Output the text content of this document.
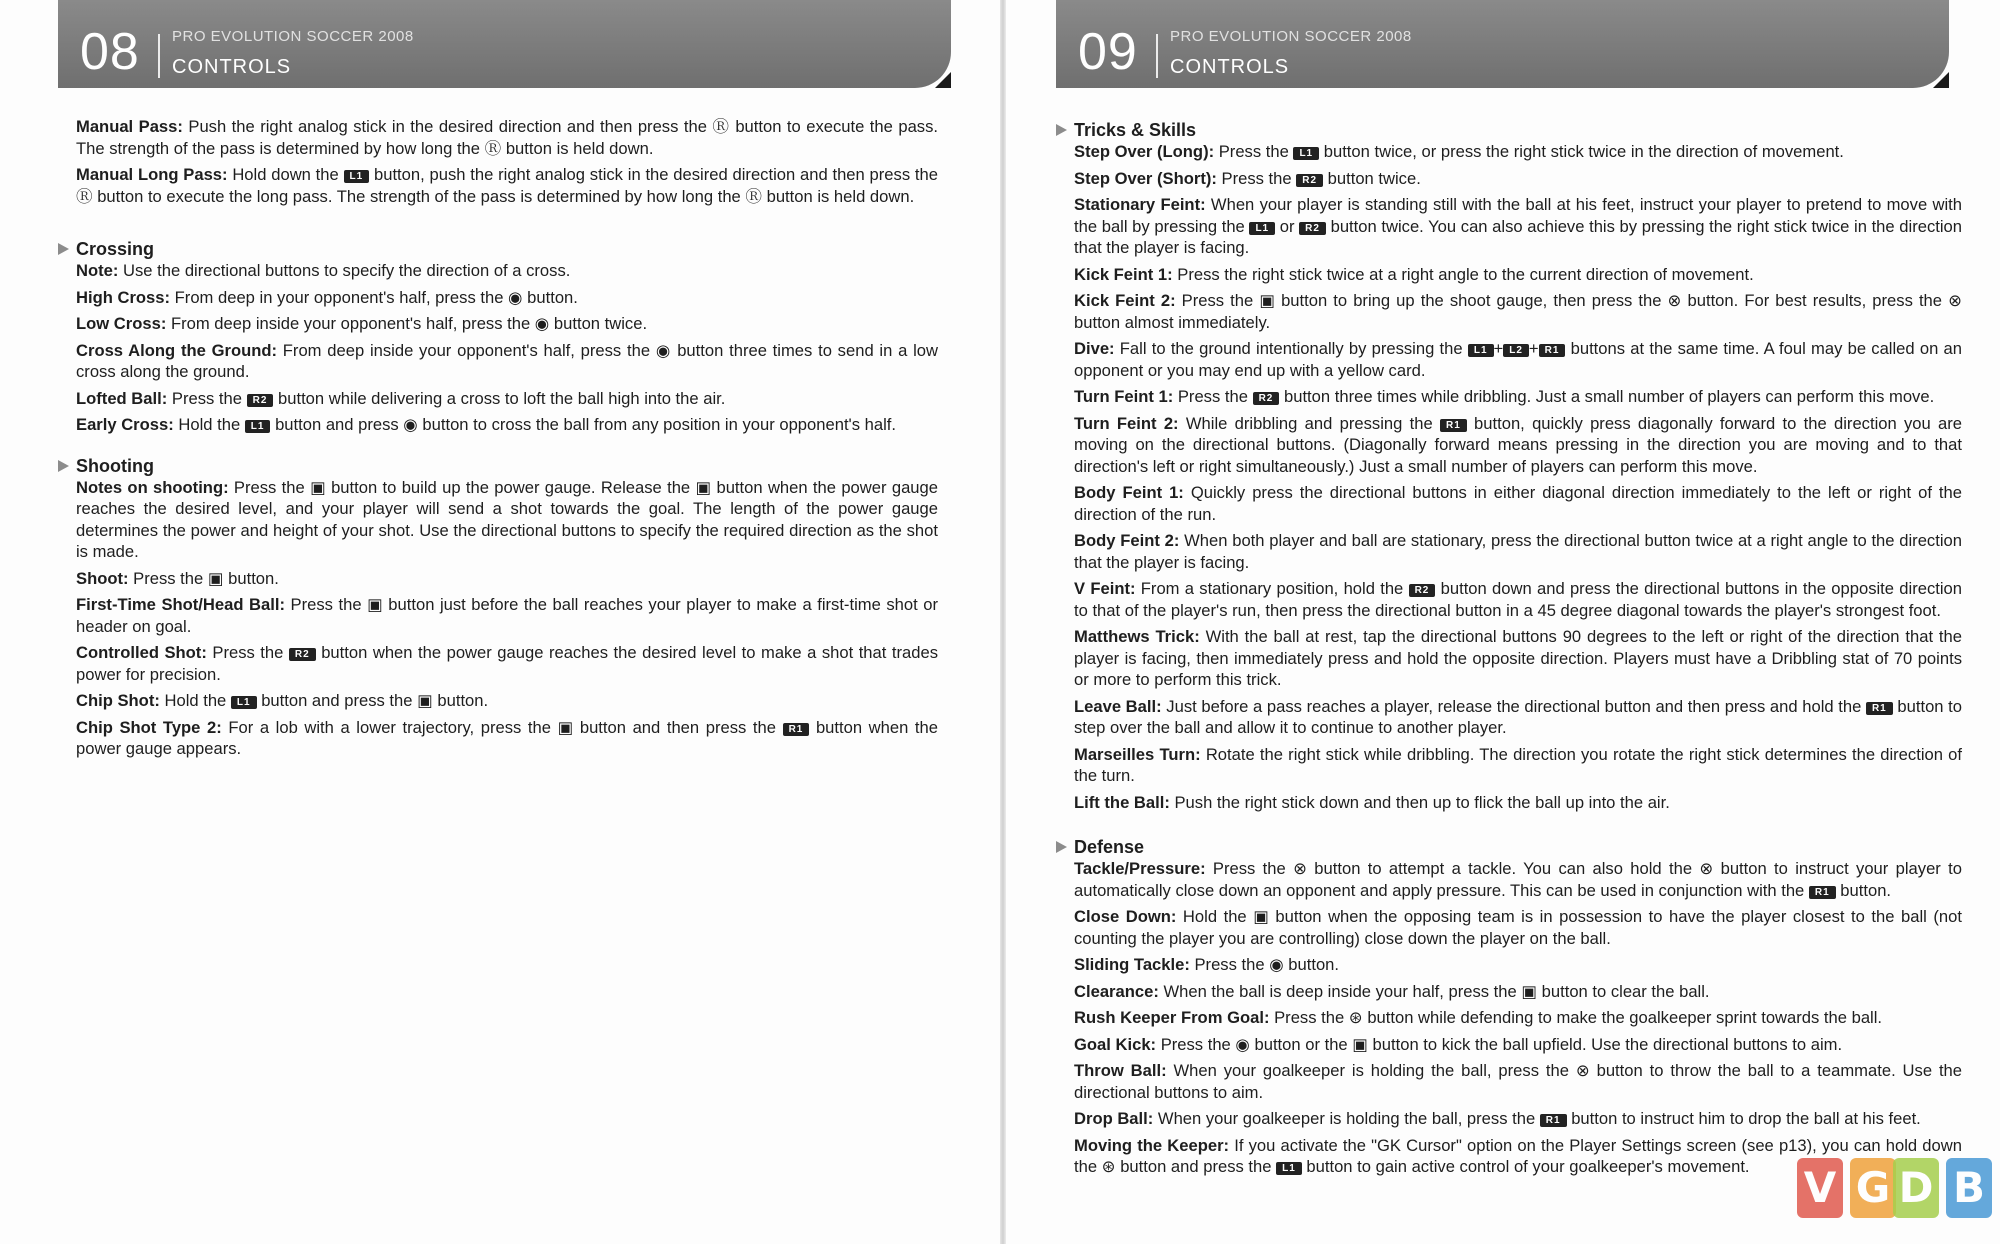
08 PRO EVOLUTION SOCCER 2008
CONTROLS
Manual Pass: Push the right analog stick in the desired direction and then press the Ⓡ button to execute the pass. The strength of the pass is determined by how long the Ⓡ button is held down.
Manual Long Pass: Hold down the L1 button, push the right analog stick in the desired direction and then press the Ⓡ button to execute the long pass. The strength of the pass is determined by how long the Ⓡ button is held down.
Crossing
Note: Use the directional buttons to specify the direction of a cross.
High Cross: From deep in your opponent's half, press the ◉ button.
Low Cross: From deep inside your opponent's half, press the ◉ button twice.
Cross Along the Ground: From deep inside your opponent's half, press the ◉ button three times to send in a low cross along the ground.
Lofted Ball: Press the R2 button while delivering a cross to loft the ball high into the air.
Early Cross: Hold the L1 button and press ◉ button to cross the ball from any position in your opponent's half.
Shooting
Notes on shooting: Press the ▣ button to build up the power gauge. Release the ▣ button when the power gauge reaches the desired level, and your player will send a shot towards the goal. The length of the power gauge determines the power and height of your shot. Use the directional buttons to specify the required direction as the shot is made.
Shoot: Press the ▣ button.
First-Time Shot/Head Ball: Press the ▣ button just before the ball reaches your player to make a first-time shot or header on goal.
Controlled Shot: Press the R2 button when the power gauge reaches the desired level to make a shot that trades power for precision.
Chip Shot: Hold the L1 button and press the ▣ button.
Chip Shot Type 2: For a lob with a lower trajectory, press the ▣ button and then press the R1 button when the power gauge appears.
09 PRO EVOLUTION SOCCER 2008
CONTROLS
Tricks & Skills
Step Over (Long): Press the L1 button twice, or press the right stick twice in the direction of movement.
Step Over (Short): Press the R2 button twice.
Stationary Feint: When your player is standing still with the ball at his feet, instruct your player to pretend to move with the ball by pressing the L1 or R2 button twice. You can also achieve this by pressing the right stick twice in the direction that the player is facing.
Kick Feint 1: Press the right stick twice at a right angle to the current direction of movement.
Kick Feint 2: Press the ▣ button to bring up the shoot gauge, then press the ⊗ button. For best results, press the ⊗ button almost immediately.
Dive: Fall to the ground intentionally by pressing the L1 + L2 + R1 buttons at the same time. A foul may be called on an opponent or you may end up with a yellow card.
Turn Feint 1: Press the R2 button three times while dribbling. Just a small number of players can perform this move.
Turn Feint 2: While dribbling and pressing the R1 button, quickly press diagonally forward to the direction you are moving on the directional buttons. (Diagonally forward means pressing in the direction you are moving and to that direction's left or right simultaneously.) Just a small number of players can perform this move.
Body Feint 1: Quickly press the directional buttons in either diagonal direction immediately to the left or right of the direction of the run.
Body Feint 2: When both player and ball are stationary, press the directional button twice at a right angle to the direction that the player is facing.
V Feint: From a stationary position, hold the R2 button down and press the directional buttons in the opposite direction to that of the player's run, then press the directional button in a 45 degree diagonal towards the player's strongest foot.
Matthews Trick: With the ball at rest, tap the directional buttons 90 degrees to the left or right of the direction that the player is facing, then immediately press and hold the opposite direction. Players must have a Dribbling stat of 70 points or more to perform this trick.
Leave Ball: Just before a pass reaches a player, release the directional button and then press and hold the R1 button to step over the ball and allow it to continue to another player.
Marseilles Turn: Rotate the right stick while dribbling. The direction you rotate the right stick determines the direction of the turn.
Lift the Ball: Push the right stick down and then up to flick the ball up into the air.
Defense
Tackle/Pressure: Press the ⊗ button to attempt a tackle. You can also hold the ⊗ button to instruct your player to automatically close down an opponent and apply pressure. This can be used in conjunction with the R1 button.
Close Down: Hold the ▣ button when the opposing team is in possession to have the player closest to the ball (not counting the player you are controlling) close down the player on the ball.
Sliding Tackle: Press the ◉ button.
Clearance: When the ball is deep inside your half, press the ▣ button to clear the ball.
Rush Keeper From Goal: Press the ⊛ button while defending to make the goalkeeper sprint towards the ball.
Goal Kick: Press the ◉ button or the ▣ button to kick the ball upfield. Use the directional buttons to aim.
Throw Ball: When your goalkeeper is holding the ball, press the ⊗ button to throw the ball to a teammate. Use the directional buttons to aim.
Drop Ball: When your goalkeeper is holding the ball, press the R1 button to instruct him to drop the ball at his feet.
Moving the Keeper: If you activate the "GK Cursor" option on the Player Settings screen (see p13), you can hold down the ⊛ button and press the L1 button to gain active control of your goalkeeper's movement.	V G D B
